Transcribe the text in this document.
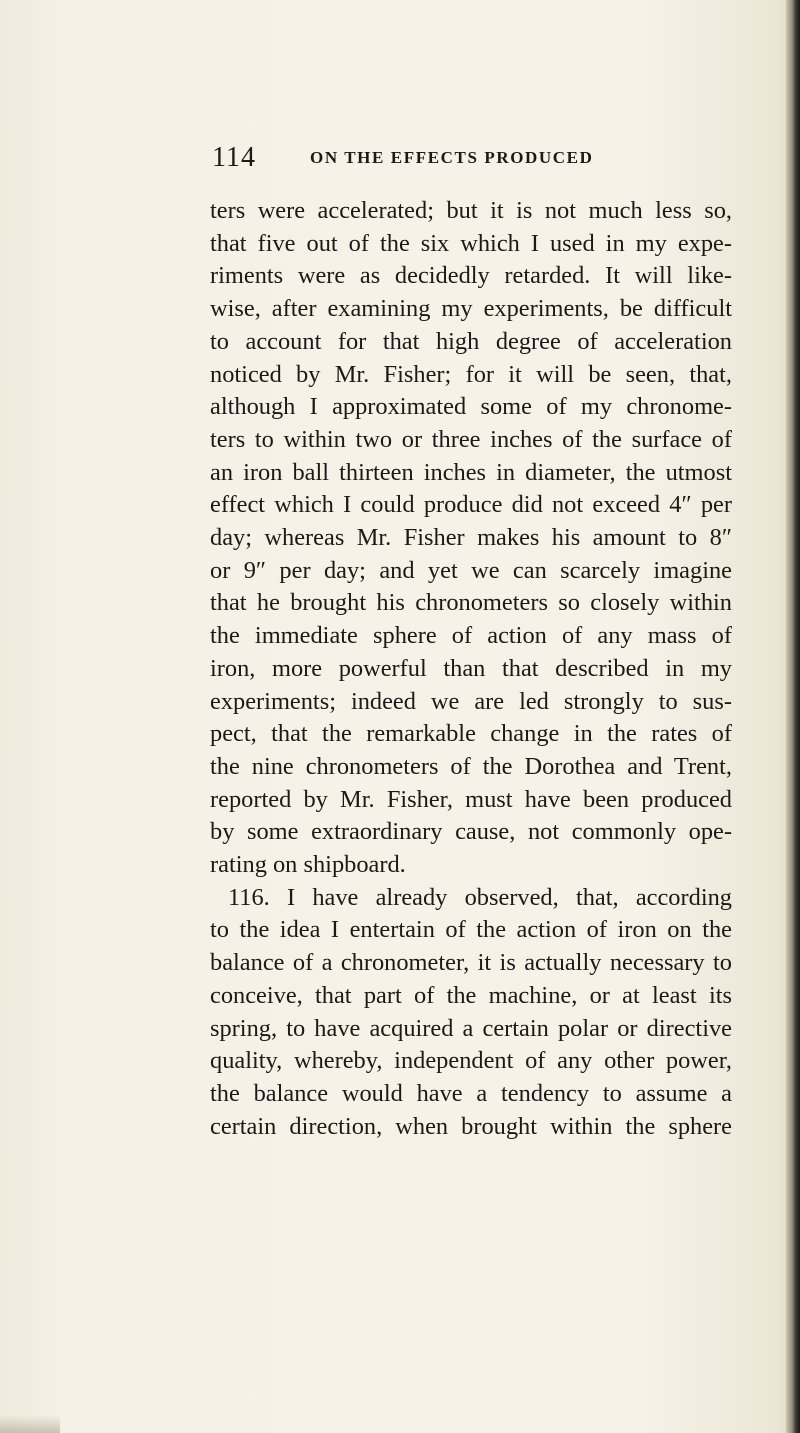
114	ON THE EFFECTS PRODUCED
ters were accelerated; but it is not much less so,
that five out of the six which I used in my expe-
riments were as decidedly retarded. It will like-
wise, after examining my experiments, be difficult
to account for that high degree of acceleration
noticed by Mr. Fisher; for it will be seen, that,
although I approximated some of my chronome-
ters to within two or three inches of the surface of
an iron ball thirteen inches in diameter, the utmost
effect which I could produce did not exceed 4″ per
day; whereas Mr. Fisher makes his amount to 8″
or 9″ per day; and yet we can scarcely imagine
that he brought his chronometers so closely within
the immediate sphere of action of any mass of
iron, more powerful than that described in my
experiments; indeed we are led strongly to sus-
pect, that the remarkable change in the rates of
the nine chronometers of the Dorothea and Trent,
reported by Mr. Fisher, must have been produced
by some extraordinary cause, not commonly ope-
rating on shipboard.
116. I have already observed, that, according
to the idea I entertain of the action of iron on the
balance of a chronometer, it is actually necessary to
conceive, that part of the machine, or at least its
spring, to have acquired a certain polar or directive
quality, whereby, independent of any other power,
the balance would have a tendency to assume a
certain direction, when brought within the sphere
